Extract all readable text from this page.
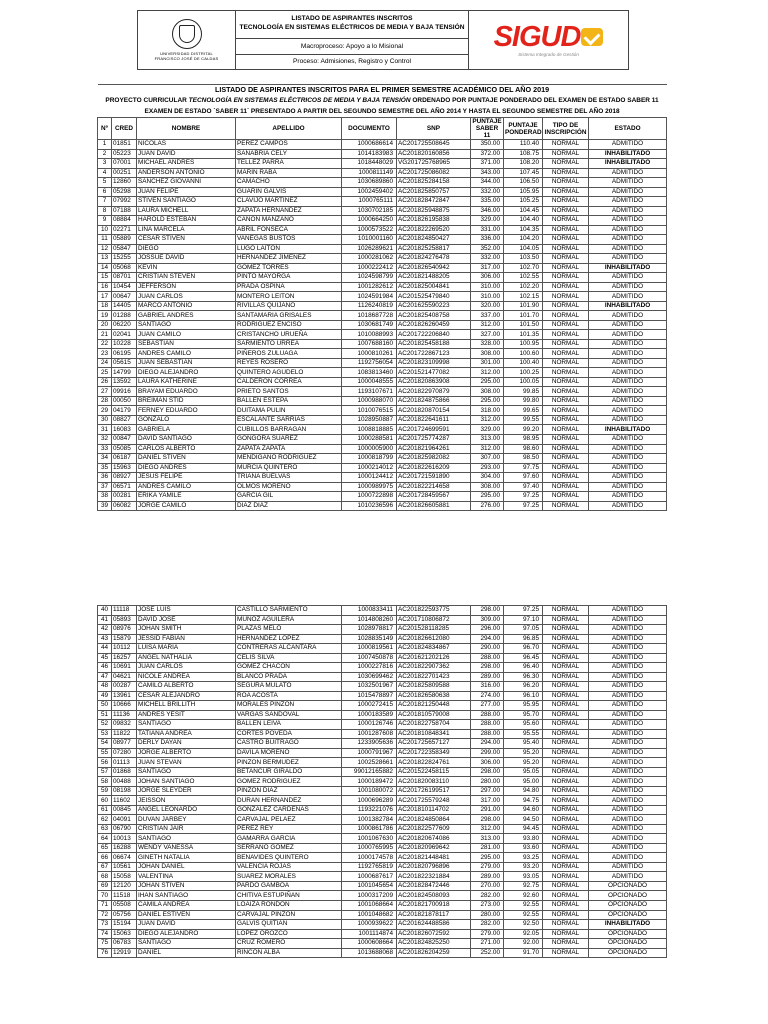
UNIVERSIDAD DISTRITAL
FRANCISCO JOSÉ DE CALDAS
LISTADO DE ASPIRANTES INSCRITOS
TECNOLOGÍA EN SISTEMAS ELÉCTRICOS DE MEDIA Y BAJA TENSIÓN
Macroproceso: Apoyo a lo Misional
Proceso: Admisiones, Registro y Control
SIGUD
Sistema Integrado de Gestión
LISTADO DE ASPIRANTES INSCRITOS PARA EL PRIMER SEMESTRE ACADÉMICO DEL AÑO 2019									
PROYECTO CURRICULAR TECNOLOGÍA EN SISTEMAS ELÉCTRICOS DE MEDIA Y BAJA TENSIÓN ORDENADO POR PUNTAJE PONDERADO DEL EXAMEN DE ESTADO SABER 11									
EXAMEN DE ESTADO `SABER 11´ PRESENTADO A PARTIR DEL SEGUNDO SEMESTRE DEL AÑO 2014 Y HASTA EL SEGUNDO SEMESTRE DEL AÑO 2018									
Nº	CRED	NOMBRE	APELLIDO	DOCUMENTO	SNP	PUNTAJE SABER 11	PUNTAJE PONDERAD	TIPO DE INSCRIPCIÓN	ESTADO
1	01851	NICOLAS	PEREZ CAMPOS	1000686614	AC201725508645	350.00	110.40	NORMAL	ADMITIDO
2	05223	JUAN DAVID	SANABRIA CELY	1014183983	AC201820160856	372.00	108.75	NORMAL	INHABILITADO
3	07001	MICHAEL ANDRES	TELLEZ PARRA	1018448029	VG201725768965	371.00	108.20	NORMAL	INHABILITADO
4	00251	ANDERSON ANTONIO	MARIN RABA	1000811149	AC201725086082	343.00	107.45	NORMAL	ADMITIDO
5	12860	SANCHEZ GIOVANNI	CAMACHO	1030689860	AC201825284158	344.00	106.50	NORMAL	ADMITIDO
6	05298	JUAN FELIPE	GUARIN GALVIS	1002459402	AC201825850757	332.00	105.95	NORMAL	ADMITIDO
7	07992	STIVEN SANTIAGO	CLAVIJO MARTINEZ	1000765111	AC201828472847	335.00	105.25	NORMAL	ADMITIDO
8	07188	LAURA MICHELL	ZAPATA HERNANDEZ	1030702185	AC201825948875	346.00	104.45	NORMAL	ADMITIDO
9	08884	HAROLD ESTEBAN	CAÑON MANZANO	1000664250	AC201826195838	329.00	104.40	NORMAL	ADMITIDO
10	02271	LINA MARCELA	ABRIL FONSECA	1000573522	AC201822269520	331.00	104.35	NORMAL	ADMITIDO
11	05889	CESAR STIVEN	VANEGAS BUSTOS	1010001160	AC201824850427	336.00	104.20	NORMAL	ADMITIDO
12	05847	DIEGO	LUGO LAITÓN	1026289621	AC201825258817	352.00	104.05	NORMAL	ADMITIDO
13	15255	JOSSUE DAVID	HERNANDEZ JIMENEZ	1000281062	AC201824276478	332.00	103.50	NORMAL	ADMITIDO
14	05068	KEVIN	GOMEZ TORRES	1000222412	AC201826540942	317.00	102.70	NORMAL	INHABILITADO
15	08701	CRISTIAN STEVEN	PINTO MAYORGA	1024598799	AC201821488205	306.00	102.55	NORMAL	ADMITIDO
16	10454	JEFFERSON	PRADA OSPINA	1001282612	AC201825004841	310.00	102.20	NORMAL	ADMITIDO
17	00647	JUAN CARLOS	MONTERO LEITON	1024591984	AC201525479840	310.00	102.15	NORMAL	ADMITIDO
18	14405	MARCO ANTONIO	RIVILLAS QUIJANO	1126240819	AC201625590223	320.00	101.90	NORMAL	INHABILITADO
19	01288	GABRIEL ANDRES	SANTAMARIA GRISALES	1018687728	AC201825408758	337.00	101.70	NORMAL	ADMITIDO
20	06220	SANTIAGO	RODRIGUEZ ENCISO	1030681749	AC201826260459	312.00	101.50	NORMAL	ADMITIDO
21	02041	JUAN CAMILO	CRISTANCHO URUEÑA	1010088993	AC201722206840	327.00	101.35	NORMAL	ADMITIDO
22	10228	SEBASTIAN	SARMIENTO URREA	1007688160	AC201825458188	328.00	100.95	NORMAL	ADMITIDO
23	06195	ANDRES CAMILO	PIÑEROS ZULUAGA	1000810261	AC201722867123	308.00	100.60	NORMAL	ADMITIDO
24	05615	JUAN SEBASTIAN	REYES ROSERO	1192756054	AC201823109998	301.00	100.40	NORMAL	ADMITIDO
25	14799	DIEGO ALEJANDRO	QUINTERO AGUDELO	1083813460	AC201521477082	312.00	100.25	NORMAL	ADMITIDO
26	13592	LAURA KATHERINE	CALDERON CORREA	1000048555	AC201820863908	295.00	100.05	NORMAL	ADMITIDO
27	09916	BRAYAM EDUARDO	PRIETO SANTOS	1193107671	AC201822970879	308.00	99.85	NORMAL	ADMITIDO
28	00050	BREIMAN STID	BALLEN ESTEPA	1000988070	AC201824875866	295.00	99.80	NORMAL	ADMITIDO
29	04179	FERNEY EDUARDO	DUITAMA PULIN	1010076515	AC201820870154	318.00	99.65	NORMAL	ADMITIDO
30	08827	GONZALO	ESCALANTE SARRIAS	1028950887	AC201822641611	312.00	99.55	NORMAL	ADMITIDO
31	16083	GABRIELA	CUBILLOS BARRAGAN	1008818885	AC201724699591	329.00	99.20	NORMAL	INHABILITADO
32	00847	DAVID SANTIAGO	GONGORA SUAREZ	1000288581	AC201725774287	313.00	98.95	NORMAL	ADMITIDO
33	05085	CARLOS ALBERTO	ZAPATA ZAPATA	1000005900	AC201821964261	312.00	98.60	NORMAL	ADMITIDO
34	06187	DANIEL STIVEN	MENDIGAÑO RODRIGUEZ	1000818799	AC201825982082	307.00	98.50	NORMAL	ADMITIDO
35	15963	DIEGO ANDRES	MURCIA QUINTERO	1000214012	AC201822616209	293.00	97.75	NORMAL	ADMITIDO
36	08927	JESUS FELIPE	TRIANA BUELVAS	1000124412	AC201721591890	304.00	97.60	NORMAL	ADMITIDO
37	06571	ANDRES CAMILO	OLMOS MORENO	1000989975	AC201822214658	308.00	97.40	NORMAL	ADMITIDO
38	00281	ERIKA YAMILE	GARCIA GIL	1000722898	AC201728459567	295.00	97.25	NORMAL	ADMITIDO
39	06082	JORGE CAMILO	DIAZ DIAZ	1010236596	AC201826605881	276.00	97.25	NORMAL	ADMITIDO
40	11118	JOSE LUIS	CASTILLO SARMIENTO	1000833411	AC201822593775	298.00	97.25	NORMAL	ADMITIDO
41	05893	DAVID JOSÉ	MUÑOZ AGUILERA	1014808260	AC201710806872	309.00	97.10	NORMAL	ADMITIDO
42	08976	JOHAN SMITH	PLAZAS MELO	1028978817	AC201528118285	296.00	97.05	NORMAL	ADMITIDO
43	15879	JESSID FABIAN	HERNANDEZ LOPEZ	1028835149	AC201826612080	294.00	96.85	NORMAL	ADMITIDO
44	10112	LUISA MARIA	CONTRERAS ALCANTARA	1000819561	AC201824834867	290.00	96.70	NORMAL	ADMITIDO
45	16257	ANGEL NATHALIA	CELIS SILVA	1007450878	AC201621202126	288.00	96.45	NORMAL	ADMITIDO
46	10691	JUAN CARLOS	GOMEZ CHACON	1000227816	AC201822907362	298.00	96.40	NORMAL	ADMITIDO
47	04621	NICOLE ANDREA	BLANCO PRADA	1030699462	AC201822701423	289.00	96.30	NORMAL	ADMITIDO
48	00287	CAMILO ALBERTO	SEGURA MULATO	1032501967	AC201825809588	316.00	96.20	NORMAL	ADMITIDO
49	13961	CESAR ALEJANDRO	ROA ACOSTA	1015478897	AC201826580638	274.00	96.10	NORMAL	ADMITIDO
50	10666	MICHELL BRILLITH	MORALES PINZON	1000272415	AC201821250448	277.00	95.95	NORMAL	ADMITIDO
51	11136	ANDRES YESIT	VARGAS SANDOVAL	1000183589	AC201810579008	288.00	95.70	NORMAL	ADMITIDO
52	09832	SANTIAGO	BALLEN LEIVA	1000126746	AC201822758704	288.00	95.60	NORMAL	ADMITIDO
53	11822	TATIANA ANDREA	CORTES POVEDA	1001287608	AC201810848341	288.00	95.55	NORMAL	ADMITIDO
54	08977	DERLY DAYAN	CASTRO BUITRAGO	1233905636	AC201725657127	294.00	95.40	NORMAL	ADMITIDO
55	07280	JORGE ALBERTO	DAVILA MORENO	1000791967	AC201722358349	299.00	95.20	NORMAL	ADMITIDO
56	01113	JUAN STEVAN	PINZON BERMUDEZ	1002528661	AC201822824761	306.00	95.20	NORMAL	ADMITIDO
57	01868	SANTIAGO	BETANCUR GIRALDO	99012165882	AC201522458115	298.00	95.05	NORMAL	ADMITIDO
58	00488	JOHAN SANTIAGO	GOMEZ RODRIGUEZ	1000189472	AC201820083110	280.00	95.00	NORMAL	ADMITIDO
59	08198	JORGE SLEYDER	PINZON DIAZ	1001080072	AC201726199517	297.00	94.80	NORMAL	ADMITIDO
60	11602	JEISSON	DURAN HERNANDEZ	1000696289	AC201725579248	317.00	94.75	NORMAL	ADMITIDO
61	00845	ANGEL LEONARDO	GONZALEZ CARDENAS	1193221076	AC201810114702	291.00	94.60	NORMAL	ADMITIDO
62	04091	DUVAN JARBEY	CARVAJAL PELAEZ	1001382784	AC201824850864	298.00	94.50	NORMAL	ADMITIDO
63	06790	CRISTIAN JAIR	PÉREZ REY	1000861786	AC201822577609	312.00	94.45	NORMAL	ADMITIDO
64	10013	SANTIAGO	GAMARRA GARCIA	1001067630	AC201820674086	313.00	93.80	NORMAL	ADMITIDO
65	16288	WENDY VANESSA	SERRANO GOMEZ	1000765995	AC201820969642	281.00	93.60	NORMAL	ADMITIDO
66	06674	GINETH NATALIA	BENAVIDES QUINTERO	1000174578	AC201821448481	295.00	93.25	NORMAL	ADMITIDO
67	10561	JOHAN DANIEL	VALENCIA ROJAS	1192765819	AC201820796896	279.00	93.20	NORMAL	ADMITIDO
68	15058	VALENTINA	SUAREZ MORALES	1000687617	AC201822321884	289.00	93.05	NORMAL	ADMITIDO
69	12120	JOHAN STIVEN	PARDO GAMBOA	1001045654	AC201828472446	270.00	92.75	NORMAL	OPCIONADO
70	11518	IHAN SANTIAGO	CHITIVA ESTUPIÑAN	1000317209	AC201824508093	282.00	92.60	NORMAL	OPCIONADO
71	05508	CAMILA ANDREA	LOAIZA RONDON	1001068664	AC201821700918	273.00	92.55	NORMAL	OPCIONADO
72	05756	DANIEL ESTIVEN	CARVAJAL PINZON	1001048682	AC201821878117	280.00	92.55	NORMAL	OPCIONADO
73	15194	JUAN DAVID	GALVIS QUITIAN	1000939622	AC201624488586	282.00	92.50	NORMAL	INHABILITADO
74	15063	DIEGO ALEJANDRO	LOPEZ OROZCO	1001114874	AC201826072592	279.00	92.05	NORMAL	OPCIONADO
75	06783	SANTIAGO	CRUZ ROMERO	1000608664	AC201824825250	271.00	92.00	NORMAL	OPCIONADO
76	12919	DANIEL	RINCON ALBA	1013688068	AC201826204259	252.00	91.70	NORMAL	OPCIONADO
